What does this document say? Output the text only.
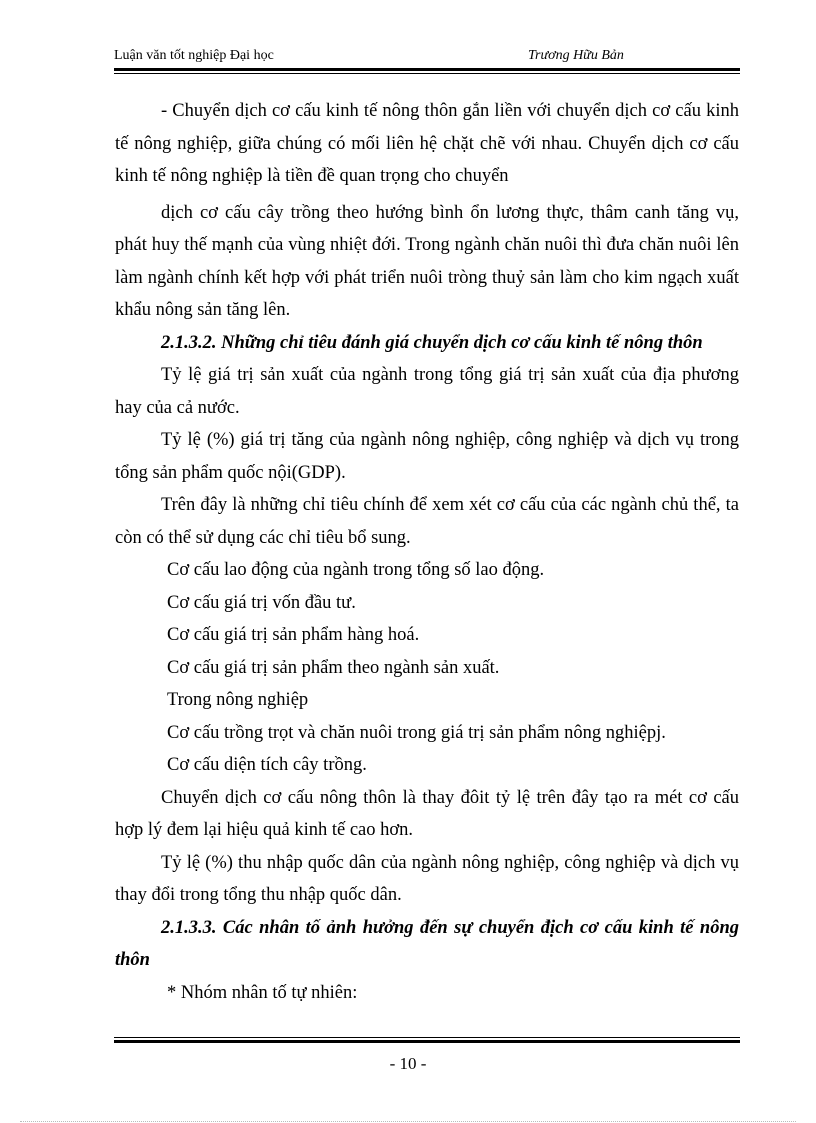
Luận văn tốt nghiệp Đại học	Trương Hữu Bản

- Chuyển dịch cơ cấu kinh tế nông thôn gắn liền với chuyển dịch cơ cấu kinh tế nông nghiệp, giữa chúng có mối liên hệ chặt chẽ với nhau. Chuyển dịch cơ cấu kinh tế nông nghiệp là tiền đề quan trọng cho chuyển

dịch cơ cấu cây trồng theo hướng bình ổn lương thực, thâm canh tăng vụ, phát huy thế mạnh của vùng nhiệt đới. Trong ngành chăn nuôi thì đưa chăn nuôi lên làm ngành chính kết hợp với phát triển nuôi tròng thuỷ sản làm cho kim ngạch xuất khẩu nông sản tăng lên.

2.1.3.2. Những chỉ tiêu đánh giá chuyển dịch cơ cấu kinh tế nông thôn

Tỷ lệ giá trị sản xuất của ngành trong tổng giá trị sản xuất của địa phương hay của cả nước.

Tỷ lệ (%) giá trị tăng của ngành nông nghiệp, công nghiệp và dịch vụ trong tổng sản phẩm quốc nội(GDP).

Trên đây là những chỉ tiêu chính để xem xét cơ cấu của các ngành chủ thể, ta còn có thể sử dụng các chỉ tiêu bổ sung.

Cơ cấu lao động của ngành trong tổng số lao động.

Cơ cấu giá trị vốn đầu tư.

Cơ cấu giá trị sản phẩm hàng hoá.

Cơ cấu giá trị sản phẩm theo ngành sản xuất.

Trong nông nghiệp

Cơ cấu trồng trọt và chăn nuôi trong giá trị sản phẩm nông nghiệpj.

Cơ cấu diện tích cây trồng.

Chuyển dịch cơ cấu nông thôn là thay đôit tỷ lệ trên đây tạo ra mét cơ cấu hợp lý đem lại hiệu quả kinh tế cao hơn.

Tỷ lệ (%) thu nhập quốc dân của ngành nông nghiệp, công nghiệp và dịch vụ thay đổi trong tổng thu nhập quốc dân.

2.1.3.3. Các nhân tố ảnh hưởng đến sự chuyển địch cơ cấu kinh tế nông thôn

* Nhóm nhân tố tự nhiên:

- 10 -
